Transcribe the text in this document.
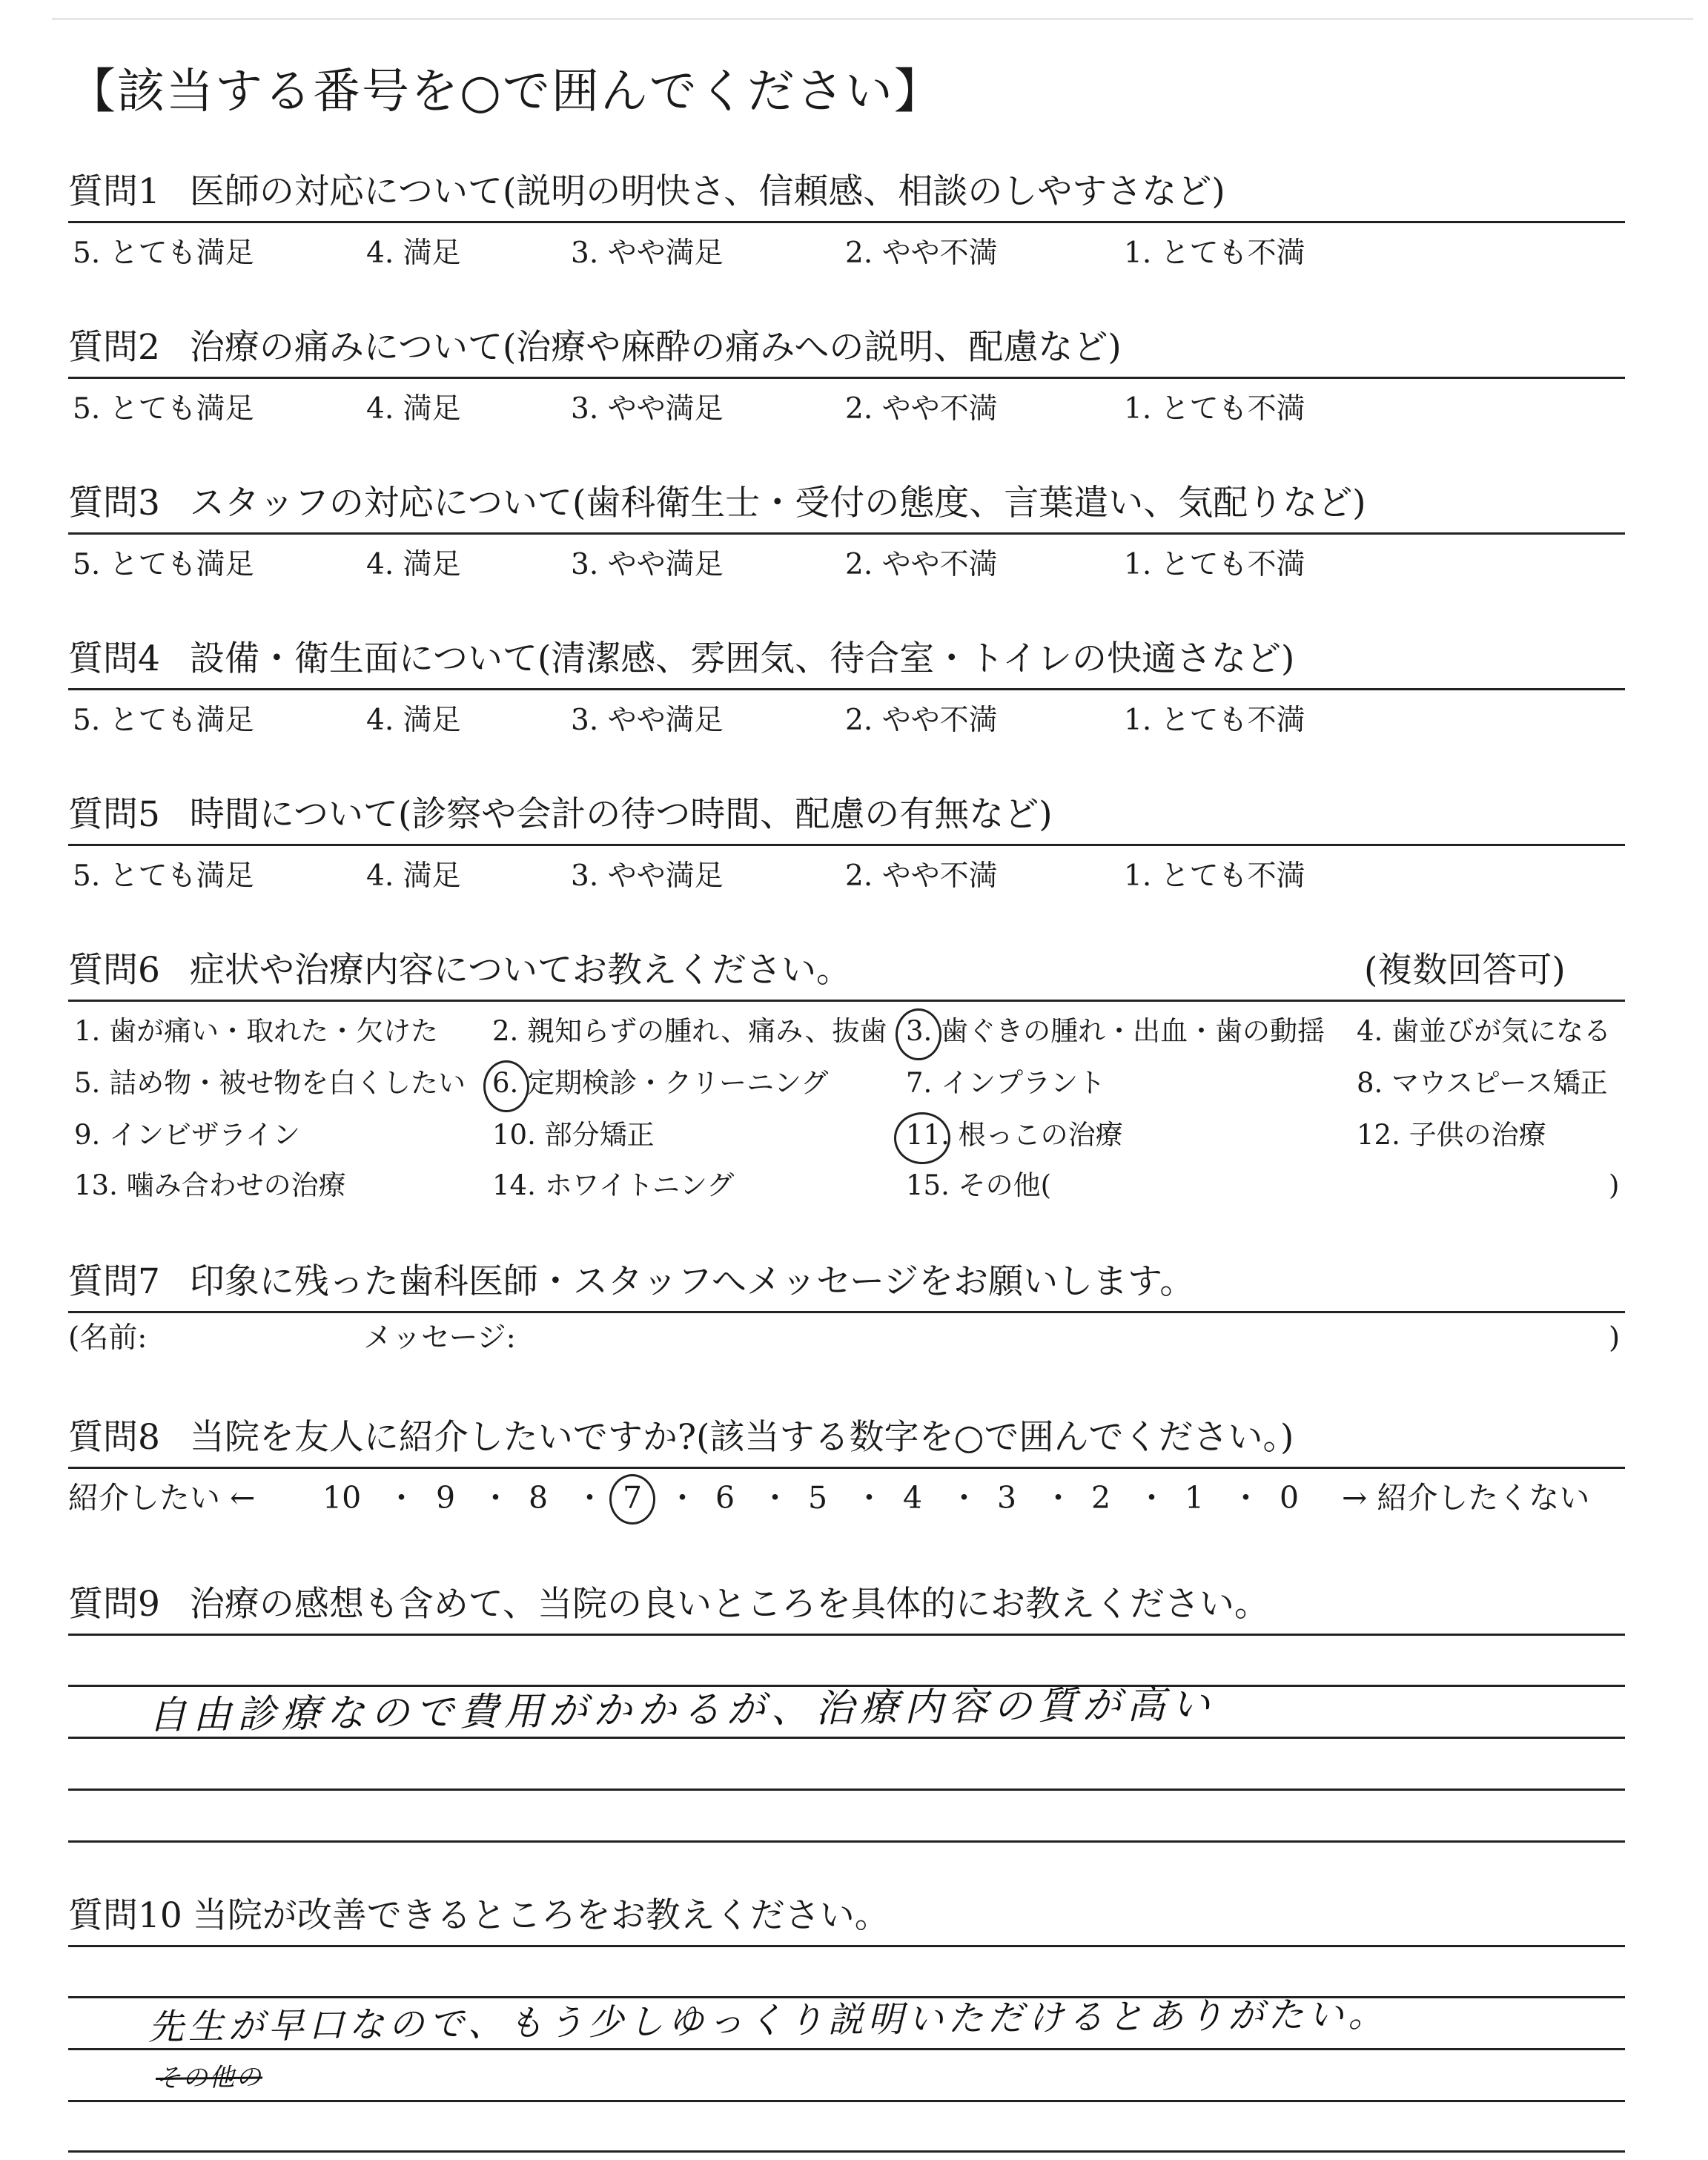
【該当する番号を○で囲んでください】
質問1 医師の対応について(説明の明快さ、信頼感、相談のしやすさなど)
5. とても満足	4. 満足	3. やや満足	2. やや不満	1. とても不満
質問2 治療の痛みについて(治療や麻酔の痛みへの説明、配慮など)
5. とても満足	4. 満足	3. やや満足	2. やや不満	1. とても不満
質問3 スタッフの対応について(歯科衛生士・受付の態度、言葉遣い、気配りなど)
5. とても満足	4. 満足	3. やや満足	2. やや不満	1. とても不満
質問4 設備・衛生面について(清潔感、雰囲気、待合室・トイレの快適さなど)
5. とても満足	4. 満足	3. やや満足	2. やや不満	1. とても不満
質問5 時間について(診察や会計の待つ時間、配慮の有無など)
5. とても満足	4. 満足	3. やや満足	2. やや不満	1. とても不満
質問6 症状や治療内容についてお教えください。	(複数回答可)
1. 歯が痛い・取れた・欠けた 2. 親知らずの腫れ、痛み、抜歯 3. 歯ぐきの腫れ・出血・歯の動揺 4. 歯並びが気になる
5. 詰め物・被せ物を白くしたい 6. 定期検診・クリーニング	7. インプラント	8. マウスピース矯正
9. インビザライン	10. 部分矯正	11. 根っこの治療	12. 子供の治療
13. 噛み合わせの治療	14. ホワイトニング	15. その他(	)
質問7 印象に残った歯科医師・スタッフへメッセージをお願いします。
(名前:	メッセージ:	)
質問8 当院を友人に紹介したいですか?(該当する数字を○で囲んでください。)
紹介したい ←	→ 紹介したくない
10 ・ 9 ・ 8 ・ 7 ・ 6 ・ 5 ・ 4 ・ 3 ・ 2 ・ 1 ・ 0
質問9 治療の感想も含めて、当院の良いところを具体的にお教えください。
自由診療なので費用がかかるが、治療内容の質が高い
質問10 当院が改善できるところをお教えください。
先生が早口なので、もう少しゆっくり説明いただけるとありがたい。
その他の
